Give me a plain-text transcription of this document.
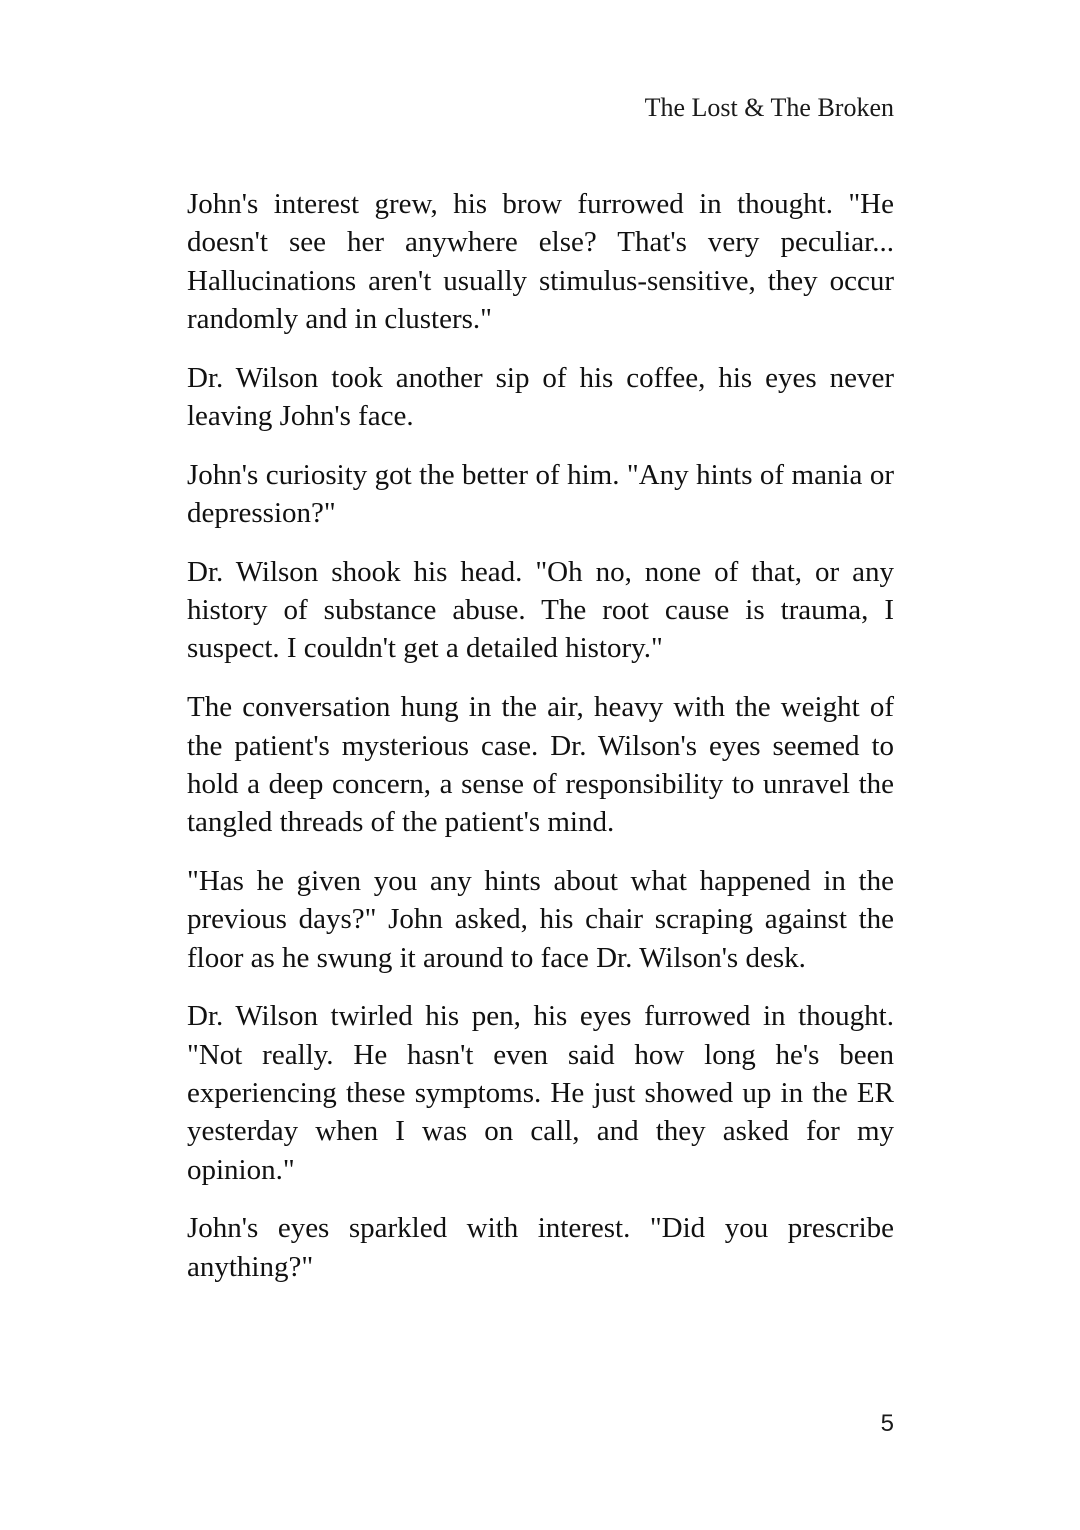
The Lost & The Broken

John's interest grew, his brow furrowed in thought. "He doesn't see her anywhere else? That's very peculiar... Hallucinations aren't usually stimulus-sensitive, they occur randomly and in clusters."

Dr. Wilson took another sip of his coffee, his eyes never leaving John's face.

John's curiosity got the better of him. "Any hints of mania or depression?"

Dr. Wilson shook his head. "Oh no, none of that, or any history of substance abuse. The root cause is trauma, I suspect. I couldn't get a detailed history."

The conversation hung in the air, heavy with the weight of the patient's mysterious case. Dr. Wilson's eyes seemed to hold a deep concern, a sense of responsibility to unravel the tangled threads of the patient's mind.

"Has he given you any hints about what happened in the previous days?" John asked, his chair scraping against the floor as he swung it around to face Dr. Wilson's desk.

Dr. Wilson twirled his pen, his eyes furrowed in thought. "Not really. He hasn't even said how long he's been experiencing these symptoms. He just showed up in the ER yesterday when I was on call, and they asked for my opinion."

John's eyes sparkled with interest. "Did you prescribe anything?"

5
